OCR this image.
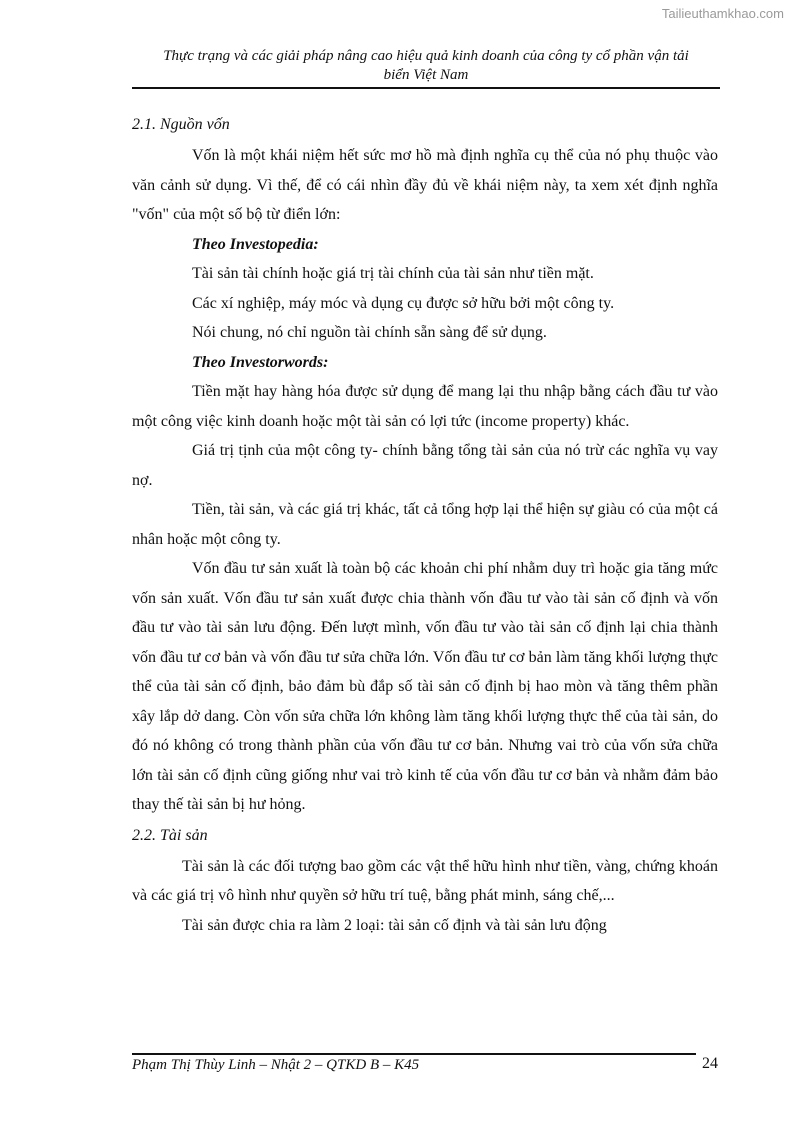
Tailieuthamkhao.com
Thực trạng và các giải pháp nâng cao hiệu quả kinh doanh của công ty cổ phần vận tải
biển Việt Nam
2.1. Nguồn vốn

Vốn là một khái niệm hết sức mơ hồ mà định nghĩa cụ thể của nó phụ thuộc vào văn cảnh sử dụng. Vì thế, để có cái nhìn đầy đủ về khái niệm này, ta xem xét định nghĩa "vốn" của một số bộ từ điển lớn:

Theo Investopedia:

Tài sản tài chính hoặc giá trị tài chính của tài sản như tiền mặt.

Các xí nghiệp, máy móc và dụng cụ được sở hữu bởi một công ty.

Nói chung, nó chỉ nguồn tài chính sẵn sàng để sử dụng.

Theo Investorwords:

Tiền mặt hay hàng hóa được sử dụng để mang lại thu nhập bằng cách đầu tư vào một công việc kinh doanh hoặc một tài sản có lợi tức (income property) khác.

Giá trị tịnh của một công ty- chính bằng tổng tài sản của nó trừ các nghĩa vụ vay nợ.

Tiền, tài sản, và các giá trị khác, tất cả tổng hợp lại thể hiện sự giàu có của một cá nhân hoặc một công ty.

Vốn đầu tư sản xuất là toàn bộ các khoản chi phí nhằm duy trì hoặc gia tăng mức vốn sản xuất. Vốn đầu tư sản xuất được chia thành vốn đầu tư vào tài sản cố định và vốn đầu tư vào tài sản lưu động. Đến lượt mình, vốn đầu tư vào tài sản cố định lại chia thành vốn đầu tư cơ bản và vốn đầu tư sửa chữa lớn. Vốn đầu tư cơ bản làm tăng khối lượng thực thể của tài sản cố định, bảo đảm bù đắp số tài sản cố định bị hao mòn và tăng thêm phần xây lắp dở dang. Còn vốn sửa chữa lớn không làm tăng khối lượng thực thể của tài sản, do đó nó không có trong thành phần của vốn đầu tư cơ bản. Nhưng vai trò của vốn sửa chữa lớn tài sản cố định cũng giống như vai trò kinh tế của vốn đầu tư cơ bản và nhằm đảm bảo thay thế tài sản bị hư hỏng.

2.2. Tài sản

Tài sản là các đối tượng bao gồm các vật thể hữu hình như tiền, vàng, chứng khoán và các giá trị vô hình như quyền sở hữu trí tuệ, bằng phát minh, sáng chế,...

Tài sản được chia ra làm 2 loại: tài sản cố định và tài sản lưu động

Phạm Thị Thùy Linh – Nhật 2 – QTKD B – K45	24
